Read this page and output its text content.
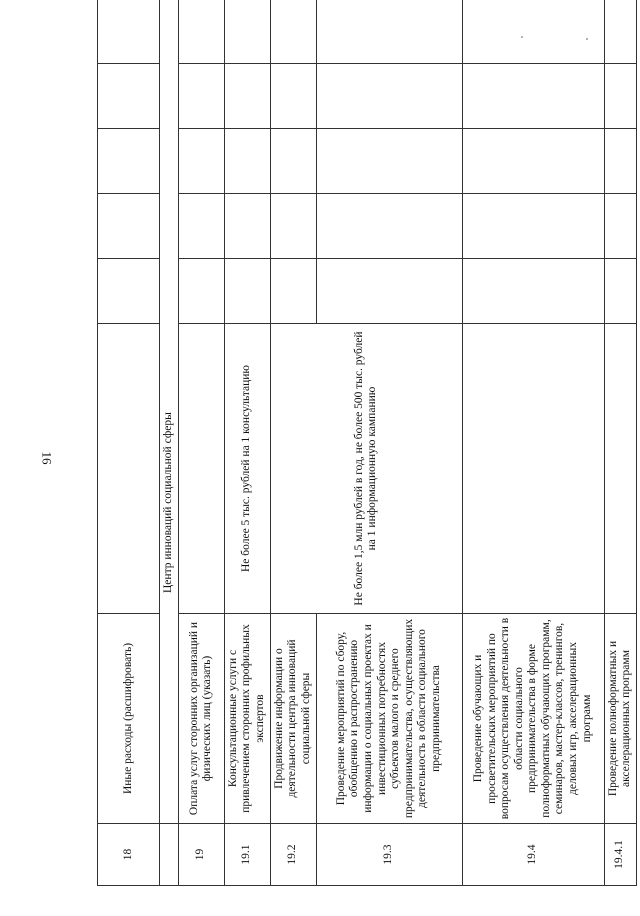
16
18	Иные расходы (расшифровать)						
	Центр инноваций социальной сферы						
19	Оплата услуг сторонних организаций и физических лиц (указать)						
19.1	Консультационные услуги с привлечением сторонних профильных экспертов	Не более 5 тыс. рублей на 1 консультацию					
19.2	Продвижение информации о деятельности центра инноваций социальной сферы	Не более 1,5 млн рублей в год, не более 500 тыс. рублей на 1 информационную кампанию					
19.3	Проведение мероприятий по сбору, обобщению и распространению информации о социальных проектах и инвестиционных потребностях субъектов малого и среднего предпринимательства, осуществляющих деятельность в области социального предпринимательства						
19.4	Проведение обучающих и просветительских мероприятий по вопросам осуществления деятельности в области социального предпринимательства в форме полноформатных обучающих программ, семинаров, мастер-классов, тренингов, деловых игр, акселерационных программ						
19.4.1	Проведение полноформатных и акселерационных программ						
